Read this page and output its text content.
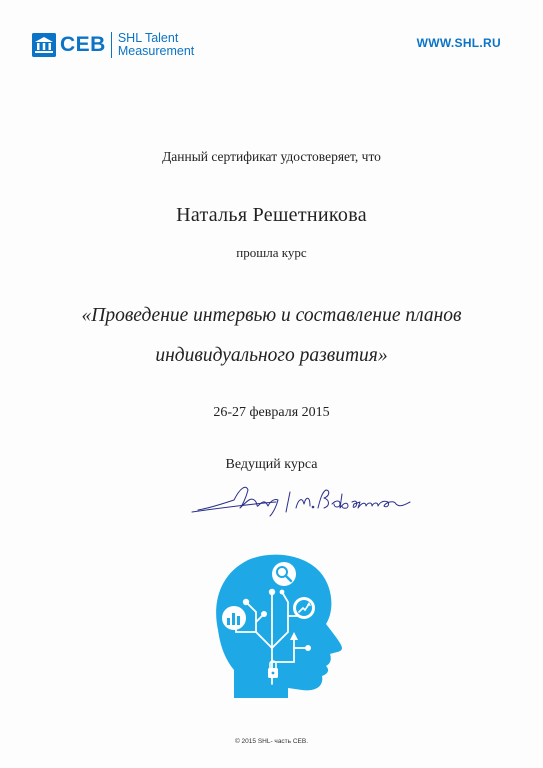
CEB SHL Talent
Measurement
WWW.SHL.RU
Данный сертификат удостоверяет, что
Наталья Решетникова
прошла курс
«Проведение интервью и составление планов
индивидуального развития»
26-27 февраля 2015
Ведущий курса
© 2015 SHL- часть CEB.
